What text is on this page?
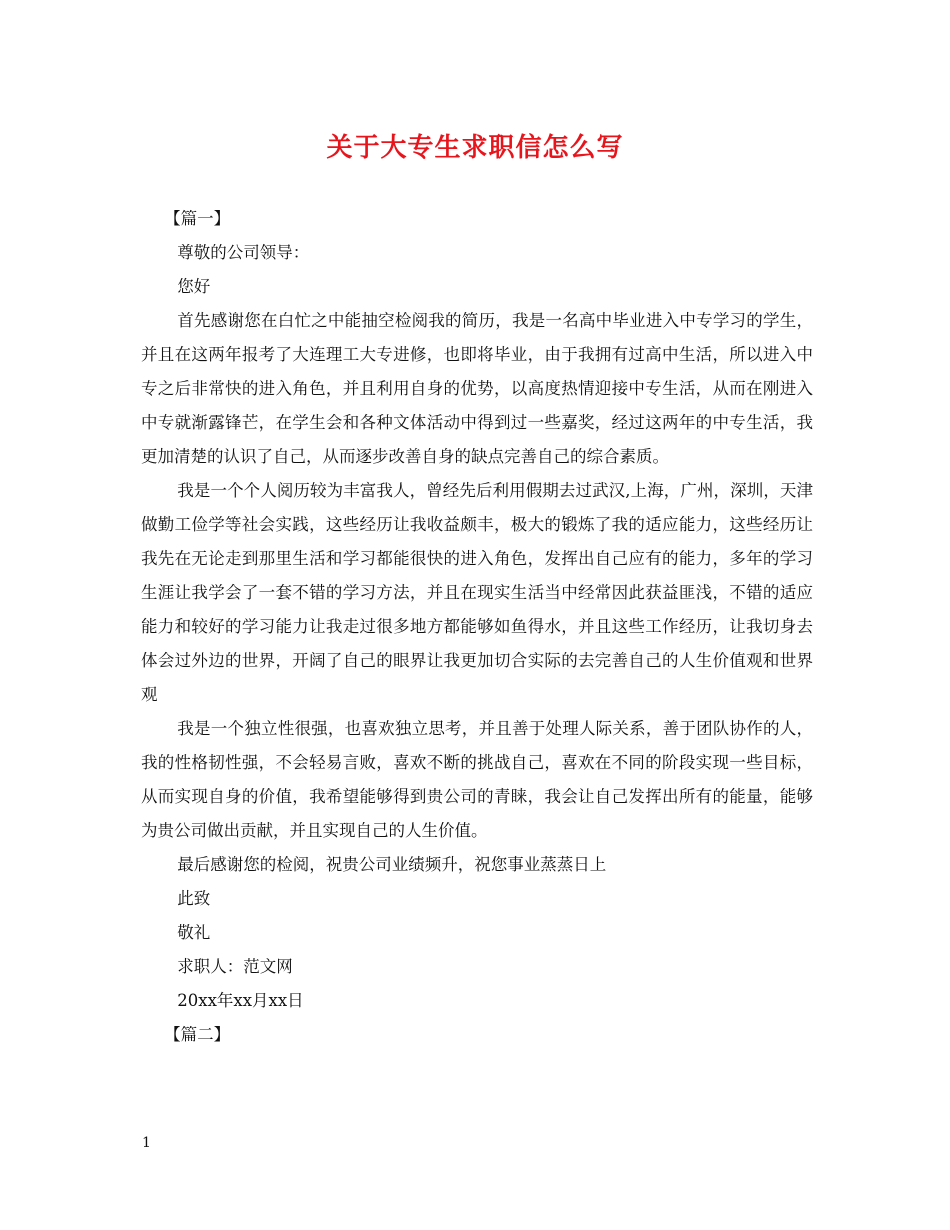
关于大专生求职信怎么写

【篇一】

尊敬的公司领导：

您好

首先感谢您在白忙之中能抽空检阅我的简历，我是一名高中毕业进入中专学习的学生，并且在这两年报考了大连理工大专进修，也即将毕业，由于我拥有过高中生活，所以进入中专之后非常快的进入角色，并且利用自身的优势，以高度热情迎接中专生活，从而在刚进入中专就渐露锋芒，在学生会和各种文体活动中得到过一些嘉奖，经过这两年的中专生活，我更加清楚的认识了自己，从而逐步改善自身的缺点完善自己的综合素质。

我是一个个人阅历较为丰富我人，曾经先后利用假期去过武汉,上海，广州，深圳，天津做勤工俭学等社会实践，这些经历让我收益颇丰，极大的锻炼了我的适应能力，这些经历让我先在无论走到那里生活和学习都能很快的进入角色，发挥出自己应有的能力，多年的学习生涯让我学会了一套不错的学习方法，并且在现实生活当中经常因此获益匪浅，不错的适应能力和较好的学习能力让我走过很多地方都能够如鱼得水，并且这些工作经历，让我切身去体会过外边的世界，开阔了自己的眼界让我更加切合实际的去完善自己的人生价值观和世界观

我是一个独立性很强，也喜欢独立思考，并且善于处理人际关系，善于团队协作的人，我的性格韧性强，不会轻易言败，喜欢不断的挑战自己，喜欢在不同的阶段实现一些目标，从而实现自身的价值，我希望能够得到贵公司的青睐，我会让自己发挥出所有的能量，能够为贵公司做出贡献，并且实现自己的人生价值。

最后感谢您的检阅，祝贵公司业绩频升，祝您事业蒸蒸日上

此致

敬礼

求职人：范文网

20xx年xx月xx日

【篇二】

1
